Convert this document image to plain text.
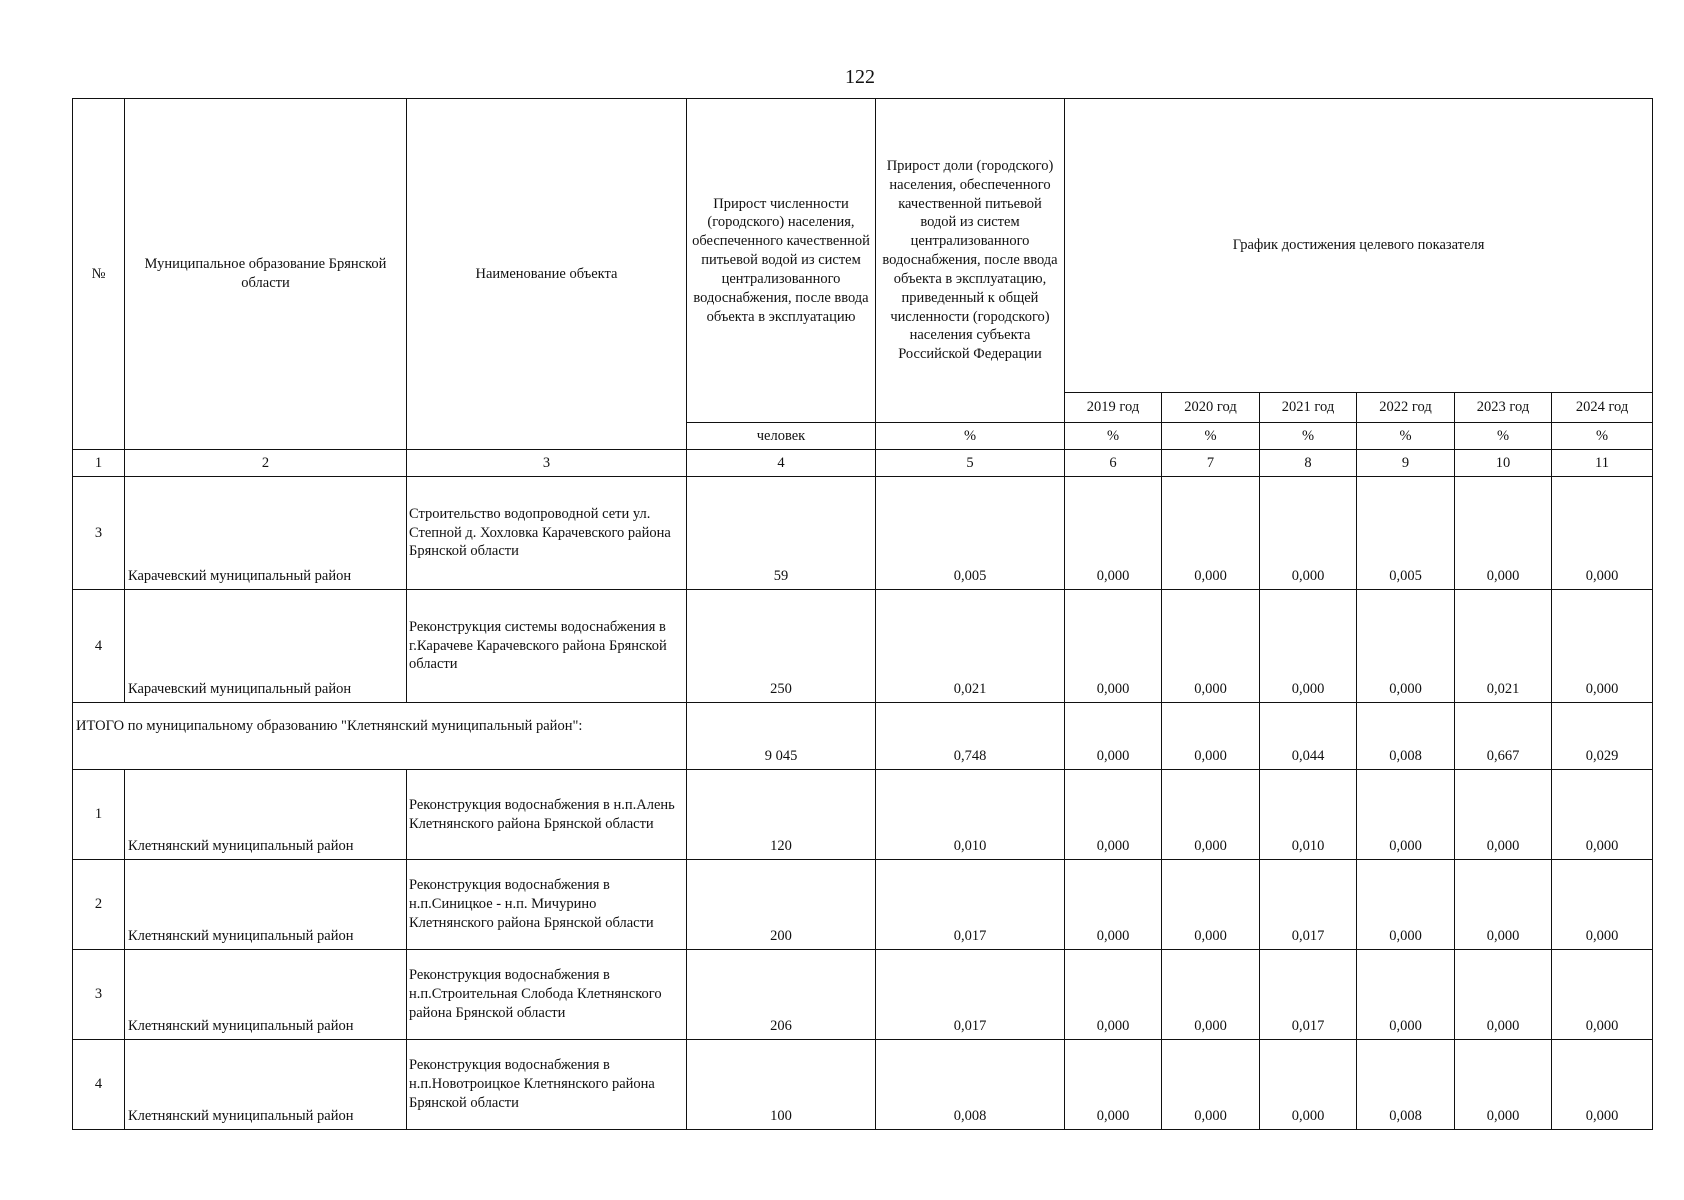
122
№	Муниципальное образование Брянской области	Наименование объекта	Прирост численности (городского) населения, обеспеченного качественной питьевой водой из систем централизованного водоснабжения, после ввода объекта в эксплуатацию	Прирост доли (городского) населения, обеспеченного качественной питьевой водой из систем централизованного водоснабжения, после ввода объекта в эксплуатацию, приведенный к общей численности (городского) населения субъекта Российской Федерации	График достижения целевого показателя					
					2019 год	2020 год	2021 год	2022 год	2023 год	2024 год
			человек	%	%	%	%	%	%	%
1	2	3	4	5	6	7	8	9	10	11
3	Карачевский муниципальный район	Строительство водопроводной сети ул. Степной д. Хохловка Карачевского района Брянской области	59	0,005	0,000	0,000	0,000	0,005	0,000	0,000
4	Карачевский муниципальный район	Реконструкция системы водоснабжения в г.Карачеве Карачевского района Брянской области	250	0,021	0,000	0,000	0,000	0,000	0,021	0,000
ИТОГО по муниципальному образованию "Клетнянский муниципальный район":			9 045	0,748	0,000	0,000	0,044	0,008	0,667	0,029
1	Клетнянский муниципальный район	Реконструкция водоснабжения в н.п.Алень Клетнянского района Брянской области	120	0,010	0,000	0,000	0,010	0,000	0,000	0,000
2	Клетнянский муниципальный район	Реконструкция водоснабжения в н.п.Синицкое - н.п. Мичурино Клетнянского района Брянской области	200	0,017	0,000	0,000	0,017	0,000	0,000	0,000
3	Клетнянский муниципальный район	Реконструкция водоснабжения в н.п.Строительная Слобода Клетнянского района Брянской области	206	0,017	0,000	0,000	0,017	0,000	0,000	0,000
4	Клетнянский муниципальный район	Реконструкция водоснабжения в н.п.Новотроицкое Клетнянского района Брянской области	100	0,008	0,000	0,000	0,000	0,008	0,000	0,000
